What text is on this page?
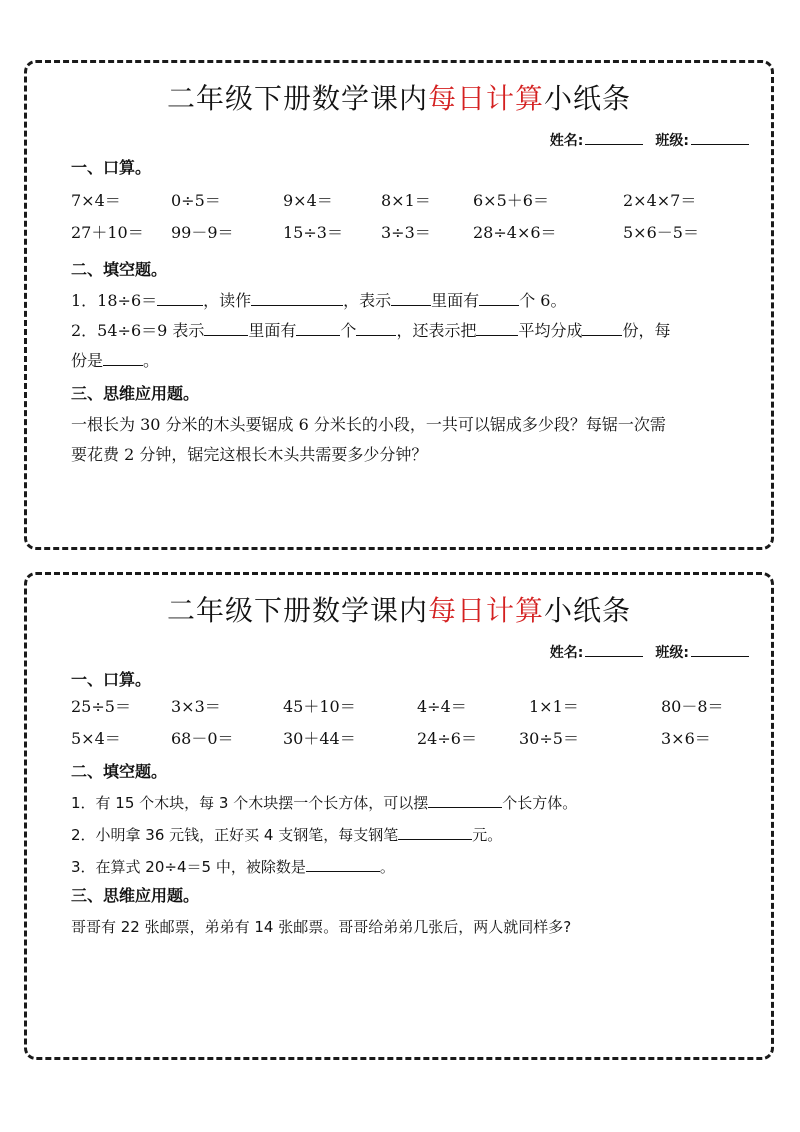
二年级下册数学课内每日计算小纸条
姓名:	班级:
一、口算。
7×4＝	0÷5＝	9×4＝	8×1＝	6×5＋6＝	2×4×7＝
27＋10＝ 99－9＝	15÷3＝ 3÷3＝	28÷4×6＝	5×6－5＝
二、填空题。
1．18÷6＝	，读作	，表示	里面有	个 6。
2．54÷6＝9 表示	里面有	个	，还表示把	平均分成	份，每
份是	。
三、思维应用题。
一根长为 30 分米的木头要锯成 6 分米长的小段，一共可以锯成多少段？每锯一次需
要花费 2 分钟，锯完这根长木头共需要多少分钟？
二年级下册数学课内每日计算小纸条
姓名:	班级:
一、口算。
25÷5＝	3×3＝	45＋10＝	4÷4＝	1×1＝	80－8＝
5×4＝	68－0＝	30＋44＝	24÷6＝	30÷5＝	3×6＝
二、填空题。
1．有 15 个木块，每 3 个木块摆一个长方体，可以摆	个长方体。
2．小明拿 36 元钱，正好买 4 支钢笔，每支钢笔	元。
3．在算式 20÷4＝5 中，被除数是	。
三、思维应用题。
哥哥有 22 张邮票，弟弟有 14 张邮票。哥哥给弟弟几张后，两人就同样多?
